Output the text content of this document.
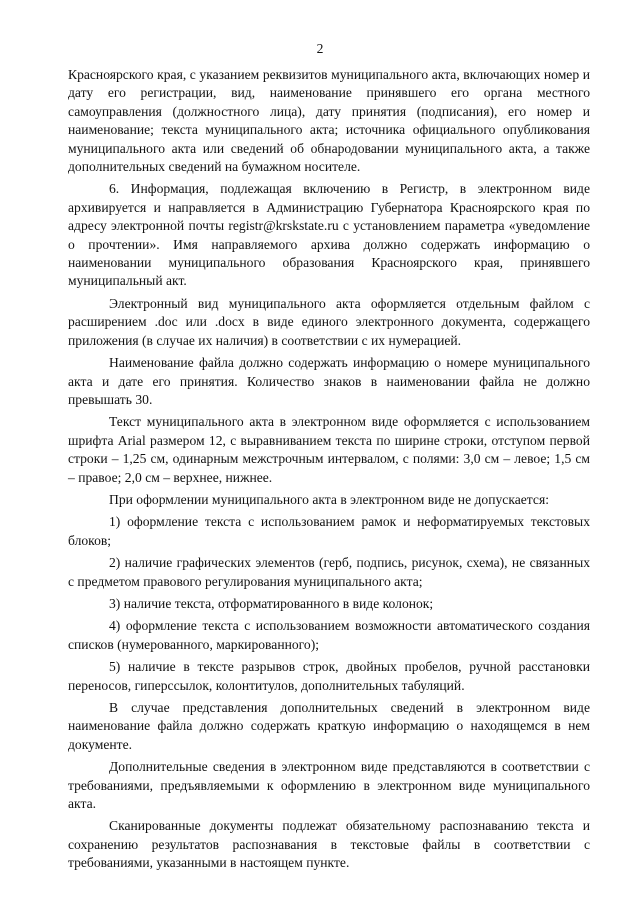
2

Красноярского края, с указанием реквизитов муниципального акта, включающих номер и дату его регистрации, вид, наименование принявшего его органа местного самоуправления (должностного лица), дату принятия (подписания), его номер и наименование; текста муниципального акта; источника официального опубликования муниципального акта или сведений об обнародовании муниципального акта, а также дополнительных сведений на бумажном носителе.

6. Информация, подлежащая включению в Регистр, в электронном виде архивируется и направляется в Администрацию Губернатора Красноярского края по адресу электронной почты registr@krskstate.ru с установлением параметра «уведомление о прочтении». Имя направляемого архива должно содержать информацию о наименовании муниципального образования Красноярского края, принявшего муниципальный акт.

Электронный вид муниципального акта оформляется отдельным файлом с расширением .doc или .docx в виде единого электронного документа, содержащего приложения (в случае их наличия) в соответствии с их нумерацией.

Наименование файла должно содержать информацию о номере муниципального акта и дате его принятия. Количество знаков в наименовании файла не должно превышать 30.

Текст муниципального акта в электронном виде оформляется с использованием шрифта Arial размером 12, с выравниванием текста по ширине строки, отступом первой строки – 1,25 см, одинарным межстрочным интервалом, с полями: 3,0 см – левое; 1,5 см – правое; 2,0 см – верхнее, нижнее.

При оформлении муниципального акта в электронном виде не допускается:

1) оформление текста с использованием рамок и неформатируемых текстовых блоков;

2) наличие графических элементов (герб, подпись, рисунок, схема), не связанных с предметом правового регулирования муниципального акта;

3) наличие текста, отформатированного в виде колонок;

4) оформление текста с использованием возможности автоматического создания списков (нумерованного, маркированного);

5) наличие в тексте разрывов строк, двойных пробелов, ручной расстановки переносов, гиперссылок, колонтитулов, дополнительных табуляций.

В случае представления дополнительных сведений в электронном виде наименование файла должно содержать краткую информацию о находящемся в нем документе.

Дополнительные сведения в электронном виде представляются в соответствии с требованиями, предъявляемыми к оформлению в электронном виде муниципального акта.

Сканированные документы подлежат обязательному распознаванию текста и сохранению результатов распознавания в текстовые файлы в соответствии с требованиями, указанными в настоящем пункте.
